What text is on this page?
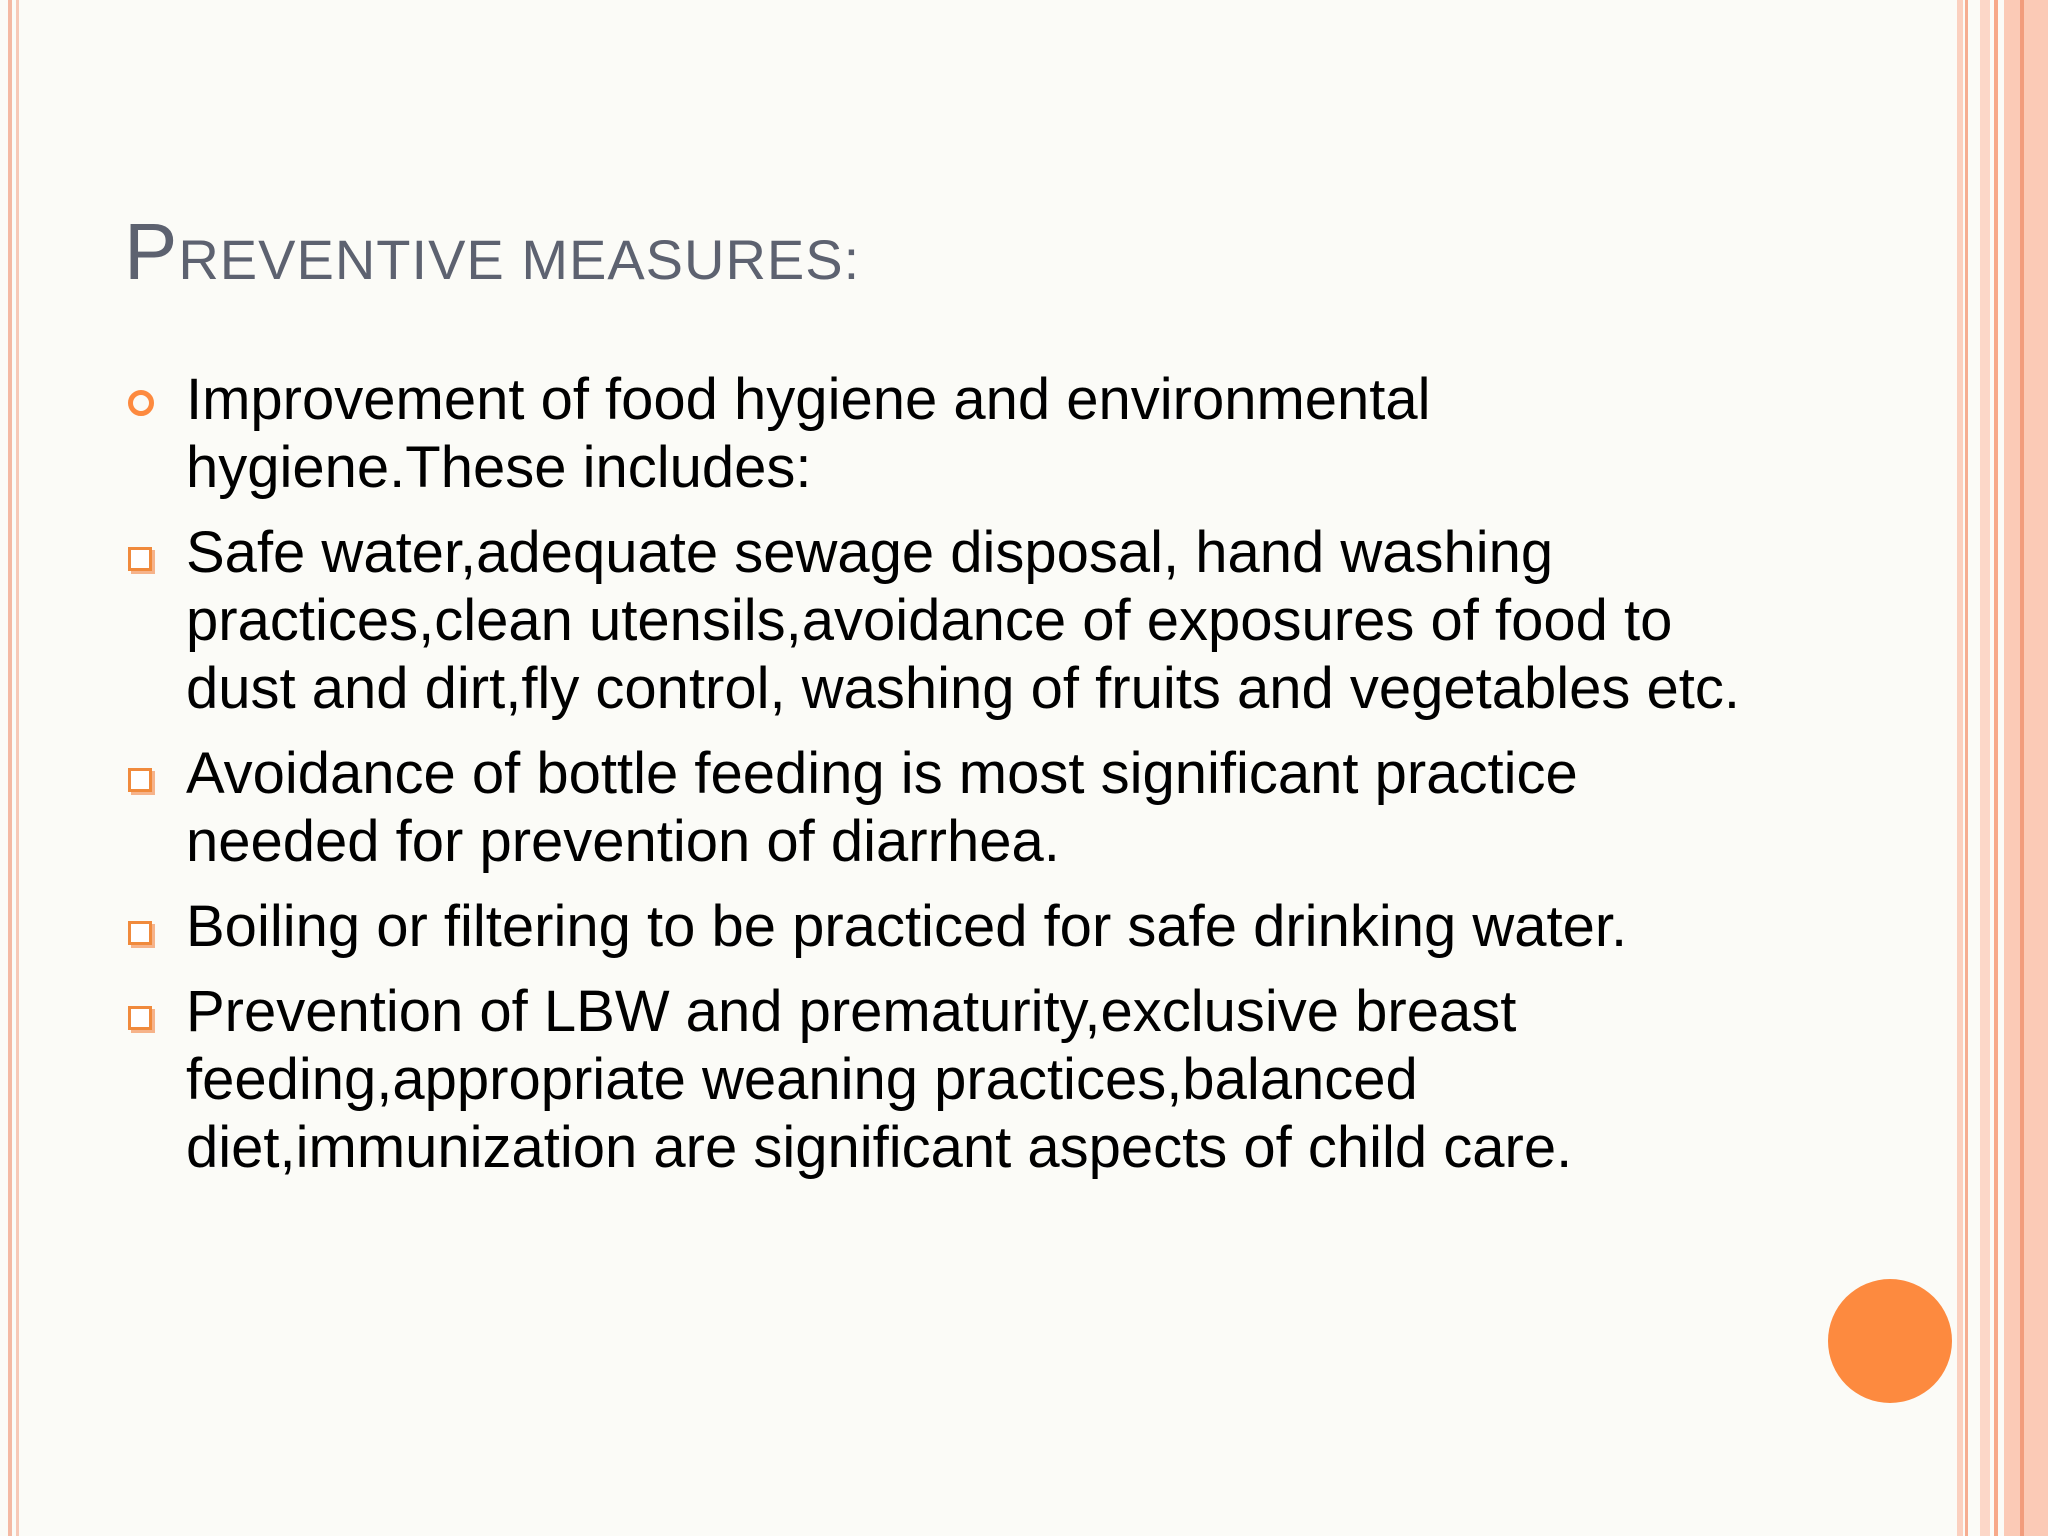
PREVENTIVE MEASURES:
Improvement of food hygiene and environmental hygiene.These includes:
Safe water,adequate sewage disposal, hand washing practices,clean utensils,avoidance of exposures of food to dust and dirt,fly control, washing of fruits and vegetables etc.
Avoidance of bottle feeding is most significant practice needed for prevention of diarrhea.
Boiling or filtering to be practiced for safe drinking water.
Prevention of LBW and prematurity,exclusive breast feeding,appropriate weaning practices,balanced diet,immunization are significant aspects of child care.
